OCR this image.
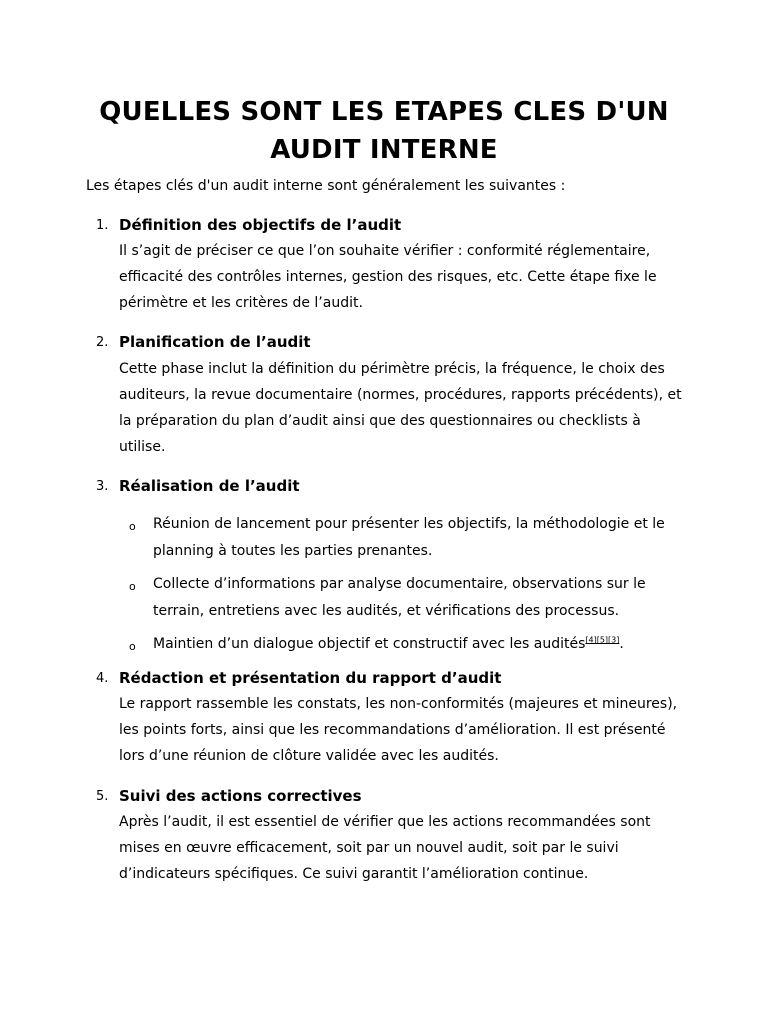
QUELLES SONT LES ETAPES CLES D'UN AUDIT INTERNE

Les étapes clés d'un audit interne sont généralement les suivantes :

1. Définition des objectifs de l’audit

Il s’agit de préciser ce que l’on souhaite vérifier : conformité réglementaire, efficacité des contrôles internes, gestion des risques, etc. Cette étape fixe le périmètre et les critères de l’audit.

2. Planification de l’audit

Cette phase inclut la définition du périmètre précis, la fréquence, le choix des auditeurs, la revue documentaire (normes, procédures, rapports précédents), et la préparation du plan d’audit ainsi que des questionnaires ou checklists à utilise.

3. Réalisation de l’audit
o Réunion de lancement pour présenter les objectifs, la méthodologie et le planning à toutes les parties prenantes.

o Collecte d’informations par analyse documentaire, observations sur le terrain, entretiens avec les audités, et vérifications des processus.

o Maintien d’un dialogue objectif et constructif avec les audités[4][5][3].

4. Rédaction et présentation du rapport d’audit

Le rapport rassemble les constats, les non-conformités (majeures et mineures), les points forts, ainsi que les recommandations d’amélioration. Il est présenté lors d’une réunion de clôture validée avec les audités.

5. Suivi des actions correctives

Après l’audit, il est essentiel de vérifier que les actions recommandées sont mises en œuvre efficacement, soit par un nouvel audit, soit par le suivi d’indicateurs spécifiques. Ce suivi garantit l’amélioration continue.
